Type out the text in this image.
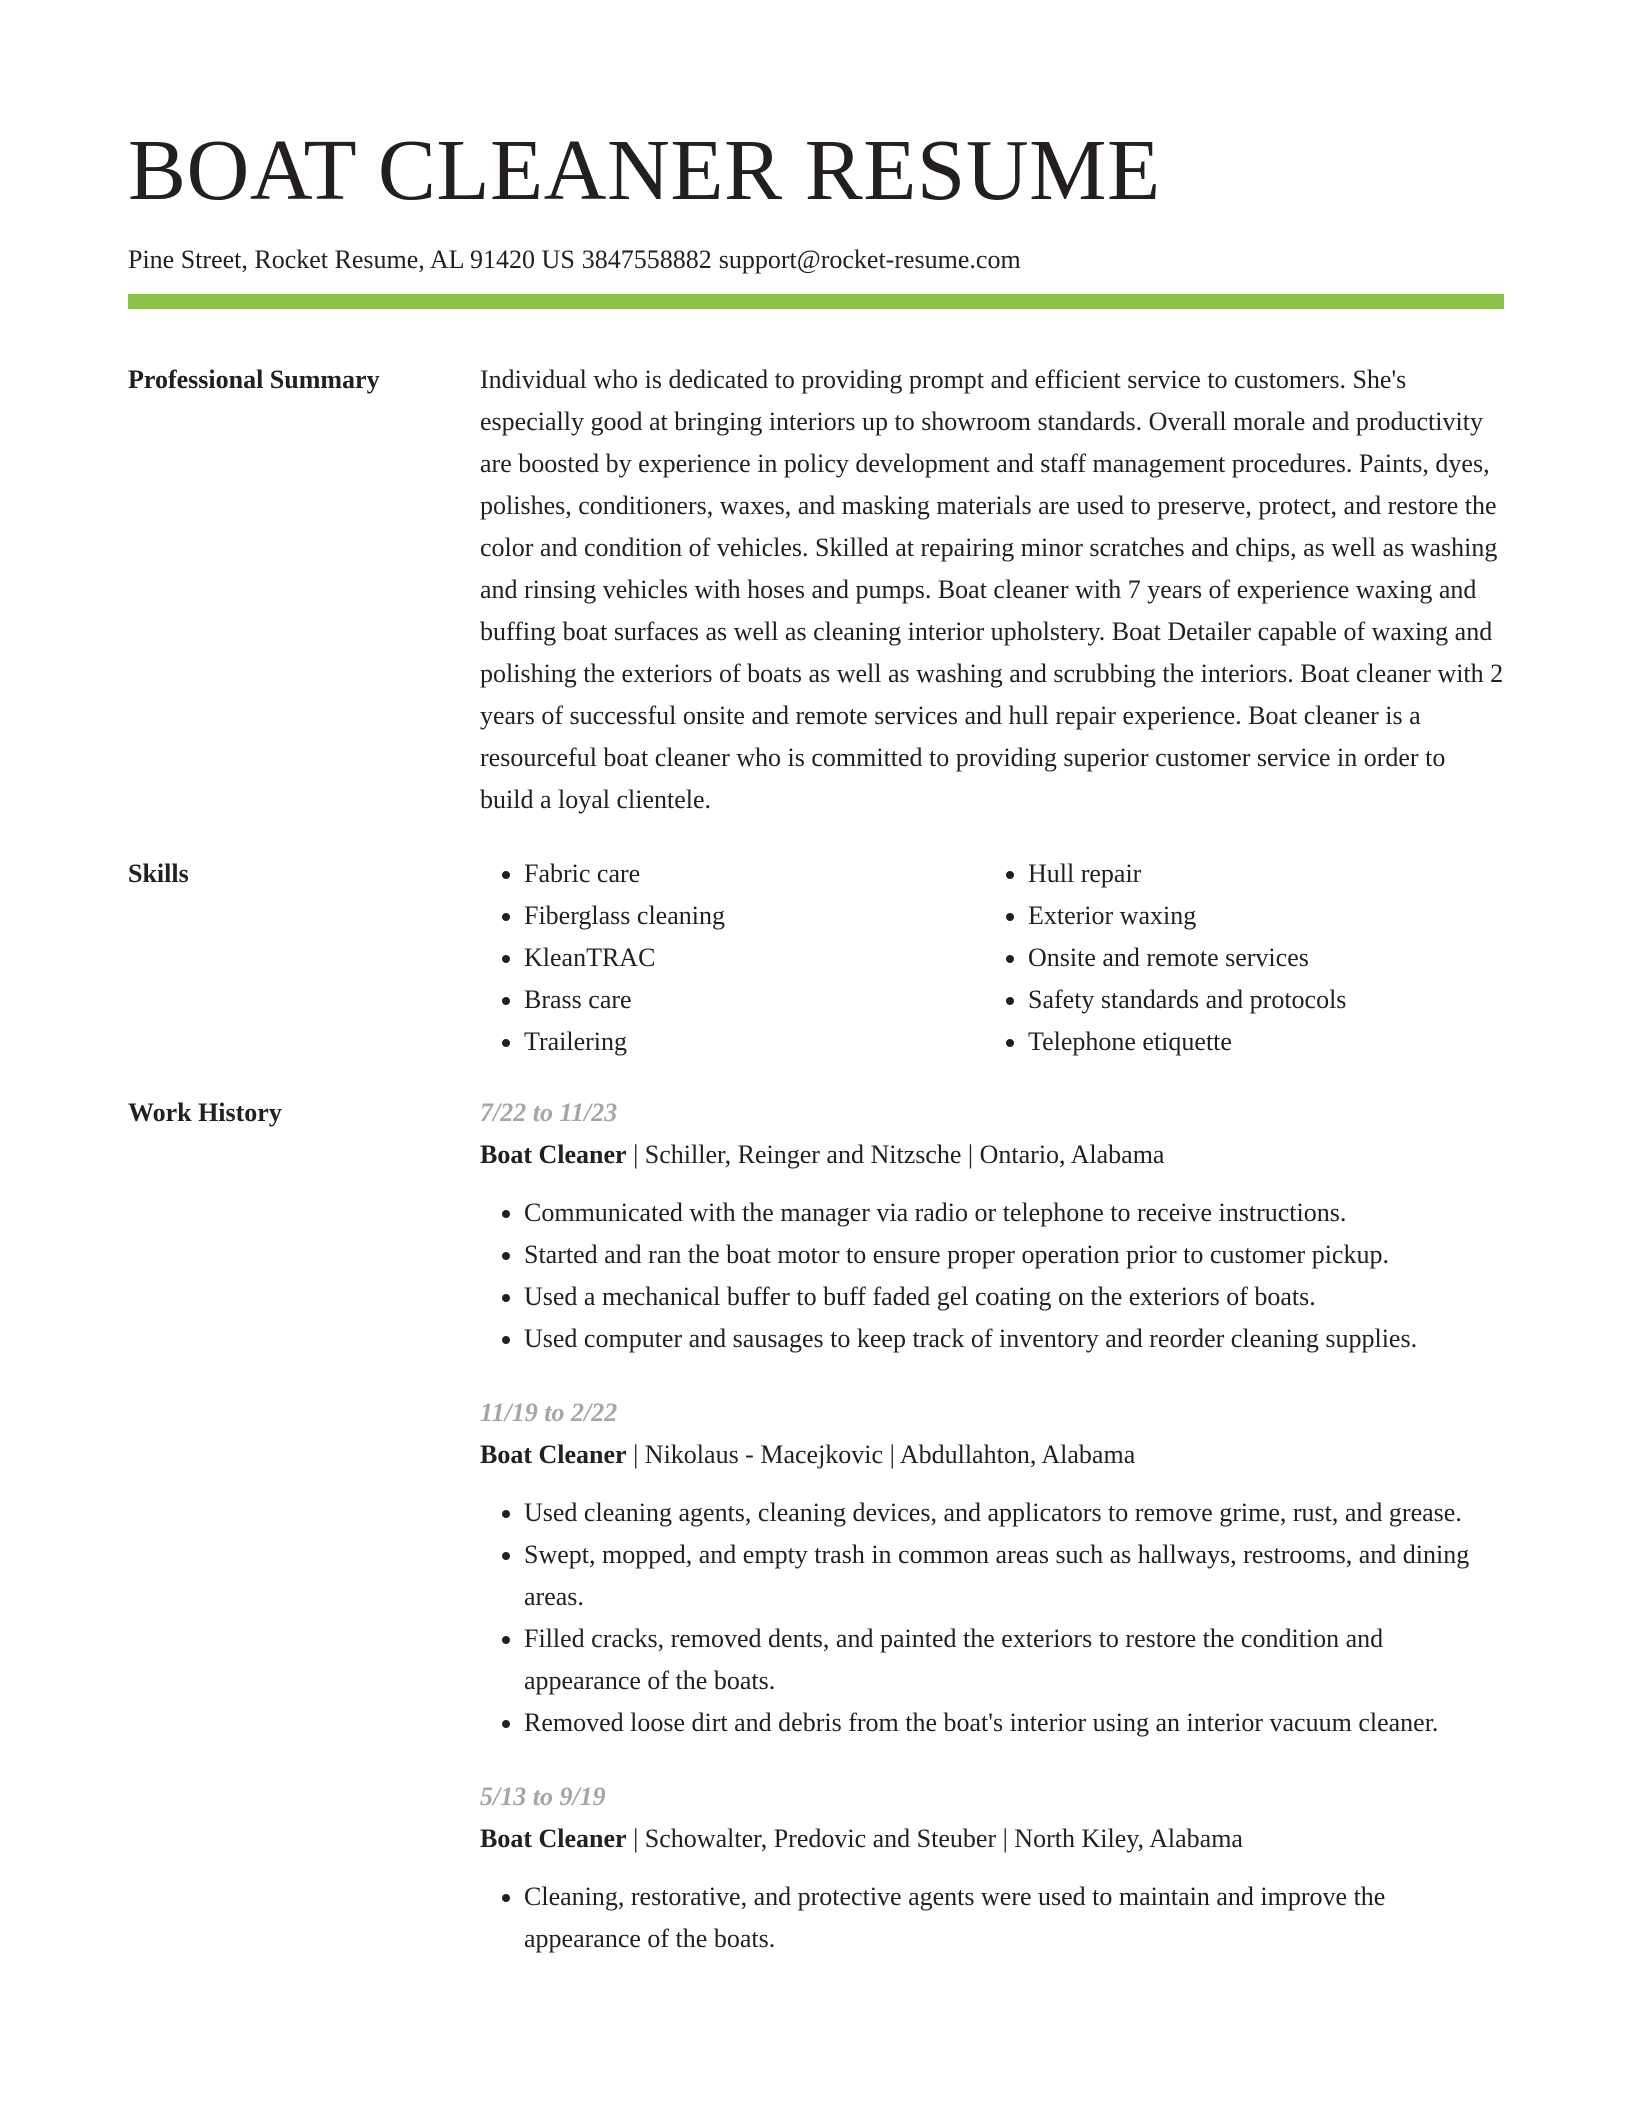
BOAT CLEANER RESUME
Pine Street, Rocket Resume, AL 91420 US 3847558882 support@rocket-resume.com
Professional Summary	Individual who is dedicated to providing prompt and efficient service to customers. She's especially good at bringing interiors up to showroom standards. Overall morale and productivity are boosted by experience in policy development and staff management procedures. Paints, dyes, polishes, conditioners, waxes, and masking materials are used to preserve, protect, and restore the color and condition of vehicles. Skilled at repairing minor scratches and chips, as well as washing and rinsing vehicles with hoses and pumps. Boat cleaner with 7 years of experience waxing and buffing boat surfaces as well as cleaning interior upholstery. Boat Detailer capable of waxing and polishing the exteriors of boats as well as washing and scrubbing the interiors. Boat cleaner with 2 years of successful onsite and remote services and hull repair experience. Boat cleaner is a resourceful boat cleaner who is committed to providing superior customer service in order to build a loyal clientele.

Skills
•	Fabric care
• Fiberglass cleaning
• KleanTRAC
• Brass care
• Trailering
• Hull repair
• Exterior waxing
• Onsite and remote services
• Safety standards and protocols
• Telephone etiquette
Work History	7/22 to 11/23
Boat Cleaner | Schiller, Reinger and Nitzsche | Ontario, Alabama
• Communicated with the manager via radio or telephone to receive instructions.
• Started and ran the boat motor to ensure proper operation prior to customer pickup.
• Used a mechanical buffer to buff faded gel coating on the exteriors of boats.
• Used computer and sausages to keep track of inventory and reorder cleaning supplies.
11/19 to 2/22
Boat Cleaner | Nikolaus - Macejkovic | Abdullahton, Alabama
• Used cleaning agents, cleaning devices, and applicators to remove grime, rust, and grease.
• Swept, mopped, and empty trash in common areas such as hallways, restrooms, and dining areas.
• Filled cracks, removed dents, and painted the exteriors to restore the condition and appearance of the boats.
• Removed loose dirt and debris from the boat's interior using an interior vacuum cleaner.
5/13 to 9/19
Boat Cleaner | Schowalter, Predovic and Steuber | North Kiley, Alabama
• Cleaning, restorative, and protective agents were used to maintain and improve the appearance of the boats.
